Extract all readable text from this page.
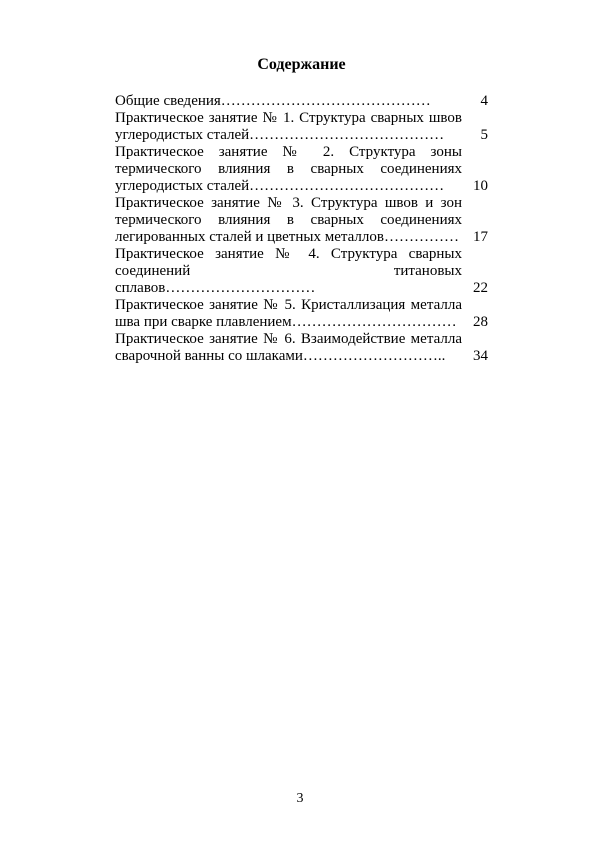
Содержание
Общие сведения……………………………………	4
Практическое занятие № 1. Структура сварных швов углеродистых сталей…………………………………	5
Практическое занятие № 2. Структура зоны термического влияния в сварных соединениях углеродистых сталей…………………………………	10
Практическое занятие № 3. Структура швов и зон термического влияния в сварных соединениях легированных сталей и цветных металлов…………… 17
Практическое занятие № 4. Структура сварных соединений титановых сплавов…………………………	22
Практическое занятие № 5. Кристаллизация металла шва при сварке плавлением……………………………	28
Практическое занятие № 6. Взаимодействие металла сварочной ванны со шлаками………………………..	34
3
